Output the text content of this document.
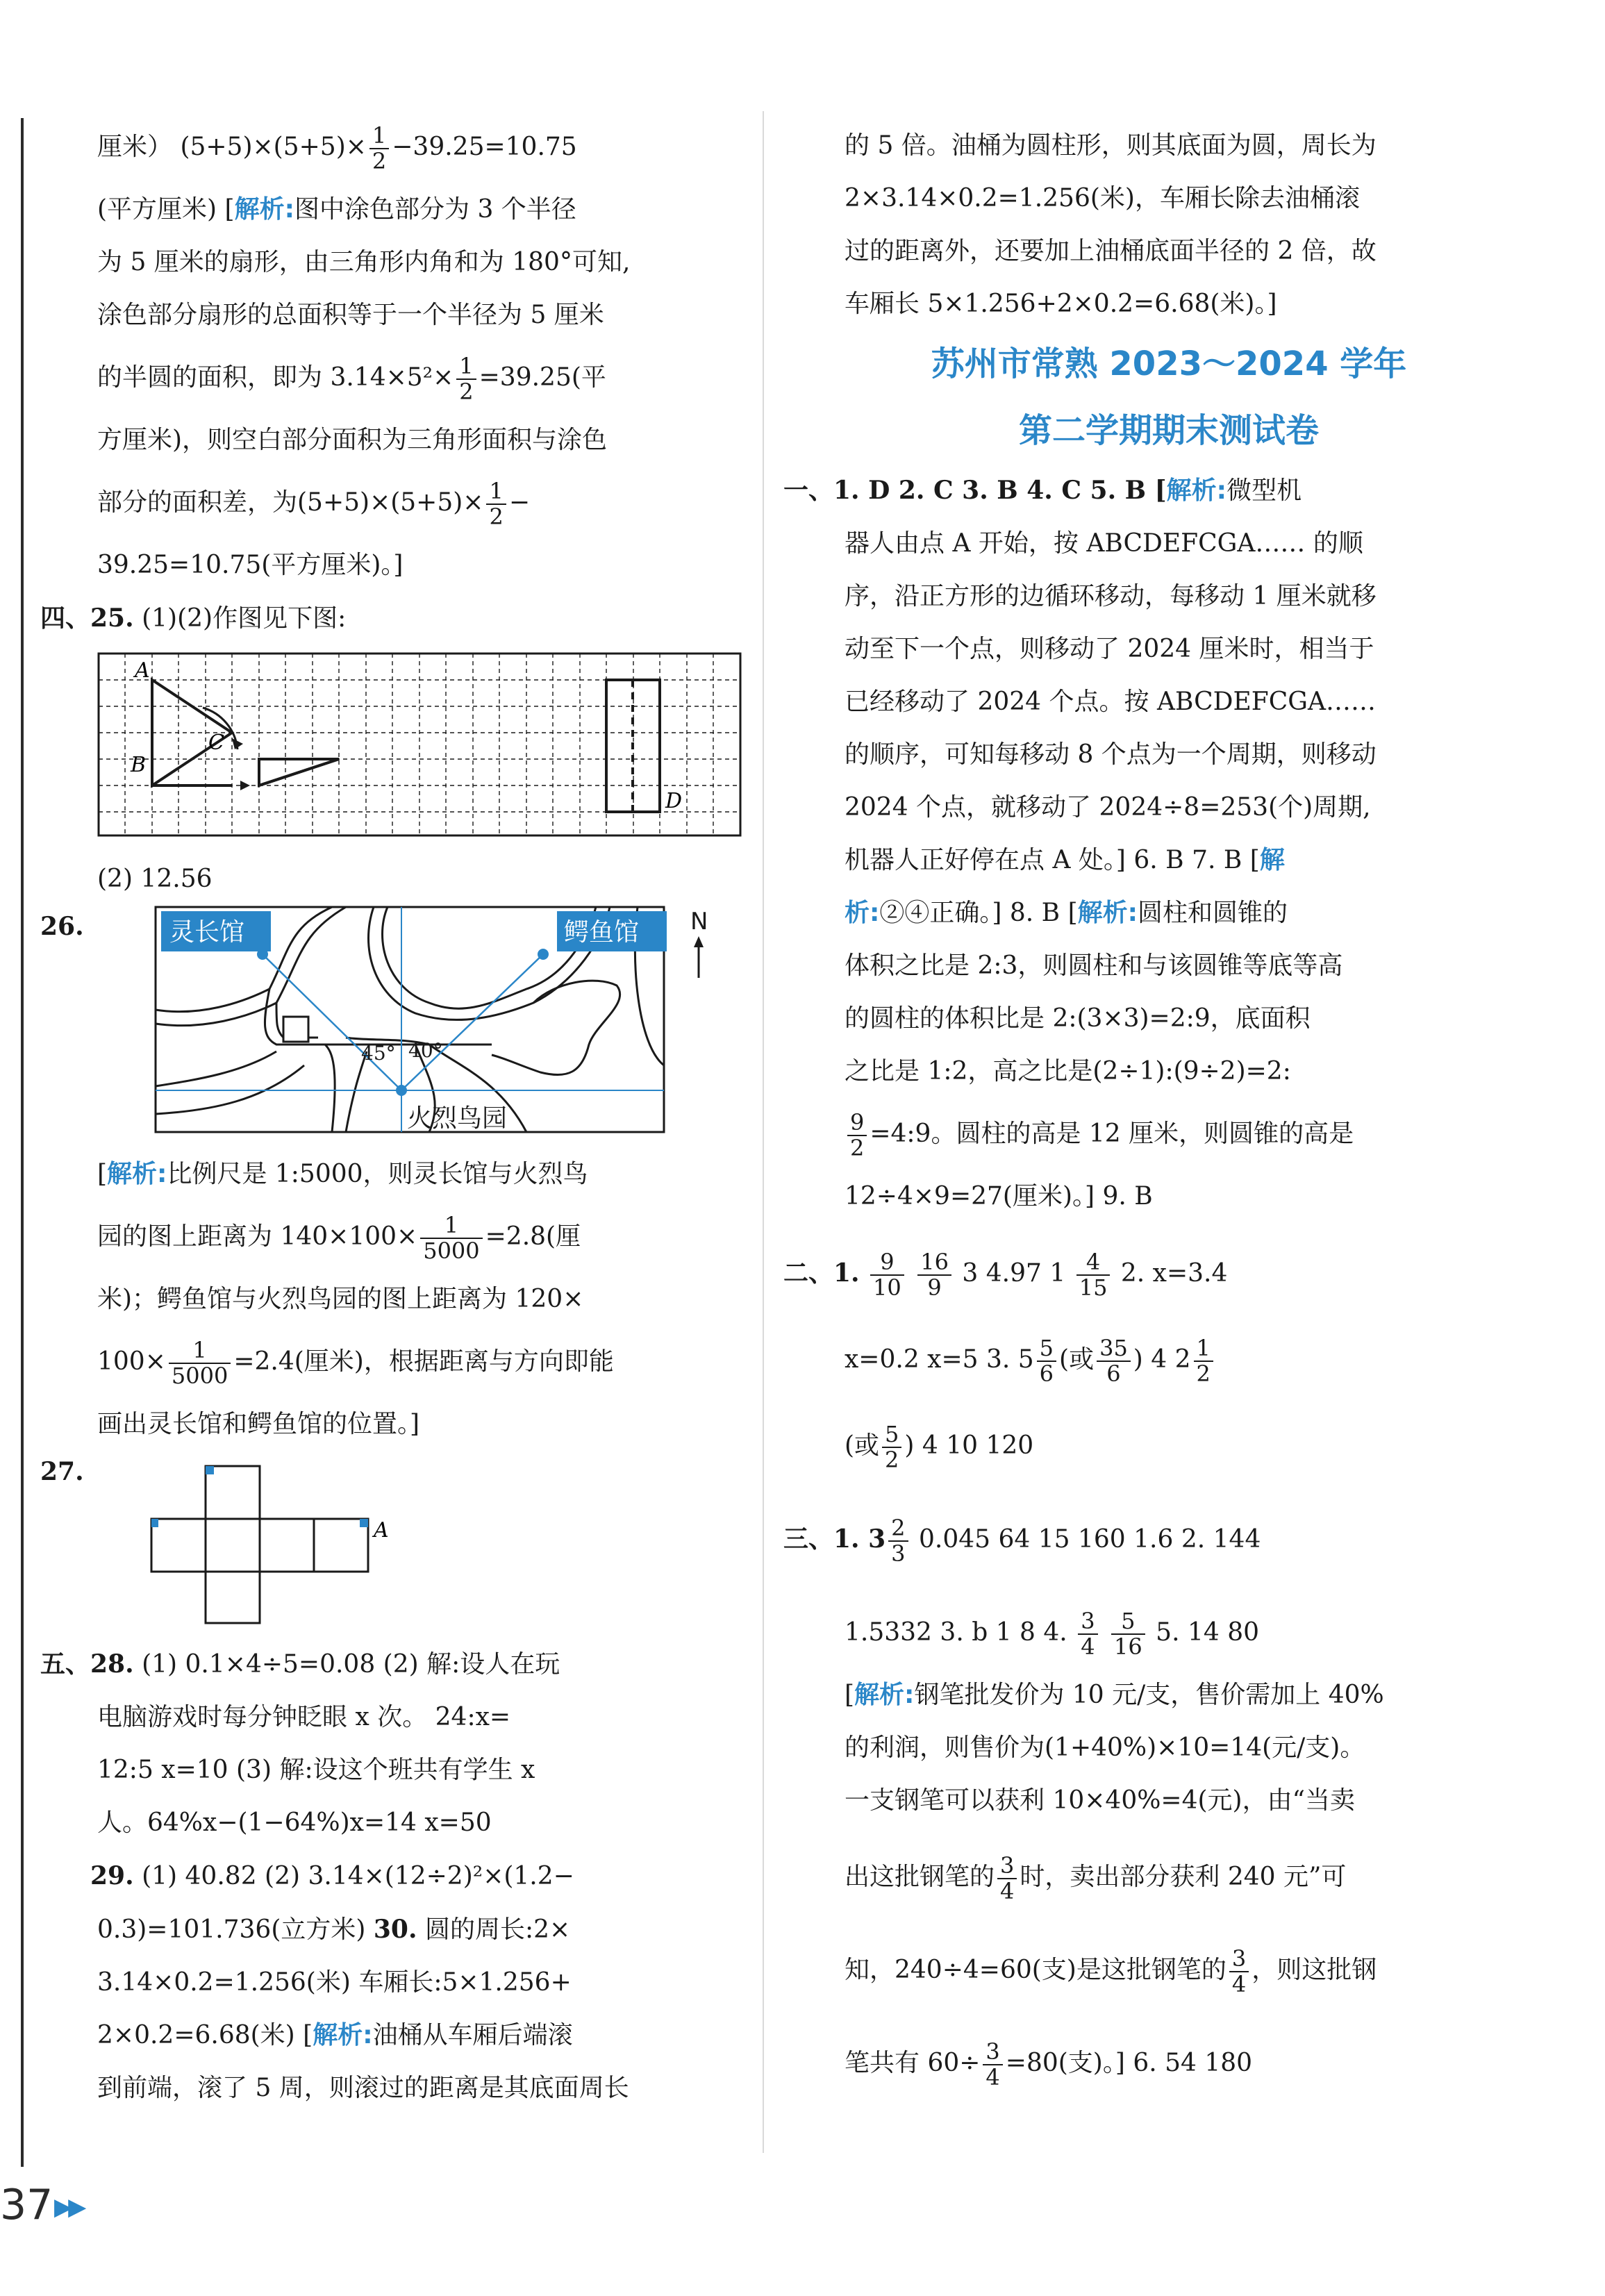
厘米） $(5+5)\times(5+5)\times \frac{1}{2} -39.25=10.75$
(平方厘米) [解析:图中涂色部分为 3 个半径
为 5 厘米的扇形，由三角形内角和为 180°可知,
涂色部分扇形的总面积等于一个半径为 5 厘米
的半圆的面积，即为 $3.14\times 5^2\times \frac{1}{2} =39.25$(平
方厘米)，则空白部分面积为三角形面积与涂色
部分的面积差，为$(5+5)\times(5+5)\times \frac{1}{2}$ −
39.25=10.75(平方厘米)。]
四、25. (1)(2)作图见下图:
A
B
C
D
(2) 12.56
26.	灵长馆	鳄鱼馆
火烈鸟园
45° 40°
N
[解析:比例尺是 1:5000，则灵长馆与火烈鸟
园的图上距离为 $140\times 100\times \frac{1}{5000} =2.8$(厘
米)；鳄鱼馆与火烈鸟园的图上距离为 120×
$100\times \frac{1}{5000} =2.4$(厘米)，根据距离与方向即能
画出灵长馆和鳄鱼馆的位置。]
27.
A
五、28. (1) 0.1×4÷5=0.08 (2) 解:设人在玩
电脑游戏时每分钟眨眼 x 次。 24:x=
12:5 x=10 (3) 解:设这个班共有学生 x
人。64%x−(1−64%)x=14 x=50
29. (1) 40.82 (2) 3.14×(12÷2)²×(1.2−
0.3)=101.736(立方米) 30. 圆的周长:2×
3.14×0.2=1.256(米) 车厢长:5×1.256+
2×0.2=6.68(米) [解析:油桶从车厢后端滚
到前端，滚了 5 周，则滚过的距离是其底面周长
的 5 倍。油桶为圆柱形，则其底面为圆，周长为
2×3.14×0.2=1.256(米)，车厢长除去油桶滚
过的距离外，还要加上油桶底面半径的 2 倍，故
车厢长 5×1.256+2×0.2=6.68(米)。]
苏州市常熟 2023～2024 学年
第二学期期末测试卷
一、1. D 2. C 3. B 4. C 5. B [解析:微型机
器人由点 A 开始，按 ABCDEFCGA…… 的顺
序，沿正方形的边循环移动，每移动 1 厘米就移
动至下一个点，则移动了 2024 厘米时，相当于
已经移动了 2024 个点。按 ABCDEFCGA……
的顺序，可知每移动 8 个点为一个周期，则移动
2024 个点，就移动了 2024÷8=253(个)周期,
机器人正好停在点 A 处。] 6. B 7. B [解
析:②④正确。] 8. B [解析:圆柱和圆锥的
体积之比是 2:3，则圆柱和与该圆锥等底等高
的圆柱的体积比是 2:(3×3)=2:9，底面积
之比是 1:2，高之比是(2÷1):(9÷2)=2:
$\frac{9}{2}$ =4:9。圆柱的高是 12 厘米，则圆锥的高是
12÷4×9=27(厘米)。] 9. B
二、1. $\frac{9}{10}$
$\frac{16}{9} 3$ 4.97 $1 \frac{4}{15} 2$. x=3.4
x=0.2 x=5 3. $5 \frac{5}{6}$ (或 $\frac{35}{6}$ ) 4 $2 \frac{1}{2}$
(或 $\frac{5}{2}$ ) 4 10 120
三、1. $3 \frac{2}{3} 0.045$ 64 15 160 1.6 2. 144
1.5332 3. b 1 8 4. $\frac{3}{4}$
$\frac{5}{16} 5$. 14 80
[解析:钢笔批发价为 10 元/支，售价需加上 40%
的利润，则售价为(1+40%)×10=14(元/支)。
一支钢笔可以获利 10×40%=4(元)，由“当卖
出这批钢笔的 $\frac{3}{4}$ 时，卖出部分获利 240 元”可
知，240÷4=60(支)是这批钢笔的 $\frac{3}{4}$ ，则这批钢
笔共有 $60\div \frac{3}{4} =80$(支)。] 6. 54 180
37 ▶▶
